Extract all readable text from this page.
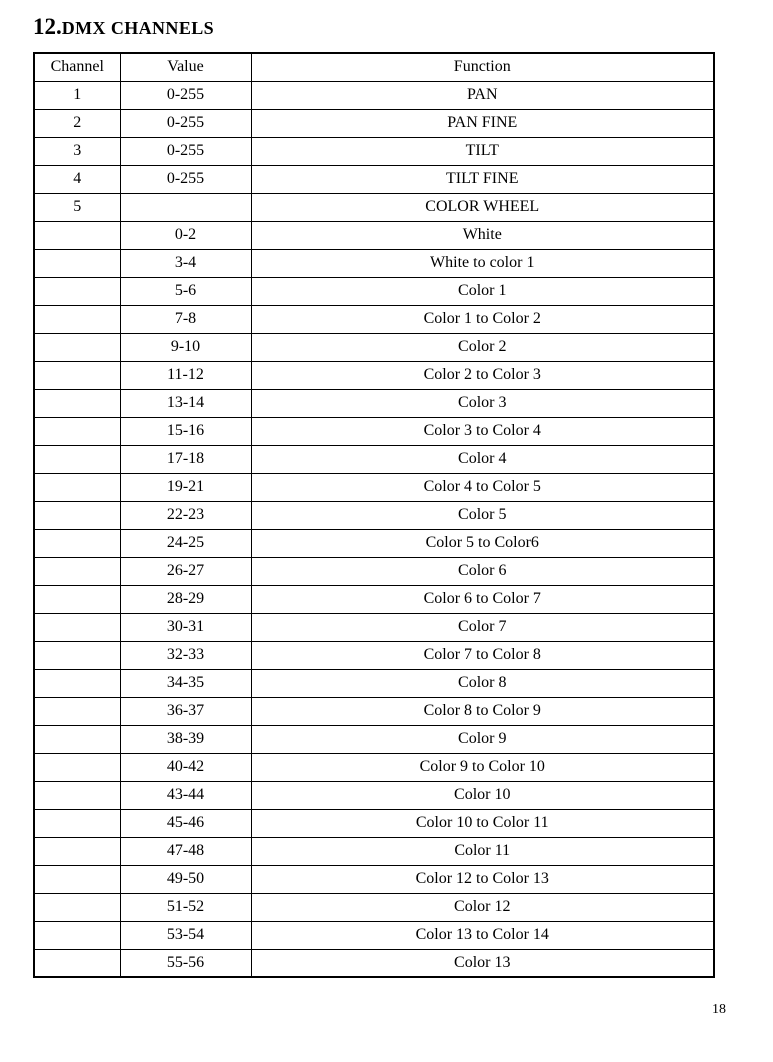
12.DMX CHANNELS
Channel	Value	Function
1	0-255	PAN
2	0-255	PAN FINE
3	0-255	TILT
4	0-255	TILT FINE
5		COLOR WHEEL
	0-2	White
	3-4	White to color 1
	5-6	Color 1
	7-8	Color 1 to Color 2
	9-10	Color 2
	11-12	Color 2 to Color 3
	13-14	Color 3
	15-16	Color 3 to Color 4
	17-18	Color 4
	19-21	Color 4 to Color 5
	22-23	Color 5
	24-25	Color 5 to Color6
	26-27	Color 6
	28-29	Color 6 to Color 7
	30-31	Color 7
	32-33	Color 7 to Color 8
	34-35	Color 8
	36-37	Color 8 to Color 9
	38-39	Color 9
	40-42	Color 9 to Color 10
	43-44	Color 10
	45-46	Color 10 to Color 11
	47-48	Color 11
	49-50	Color 12 to Color 13
	51-52	Color 12
	53-54	Color 13 to Color 14
	55-56	Color 13
18
